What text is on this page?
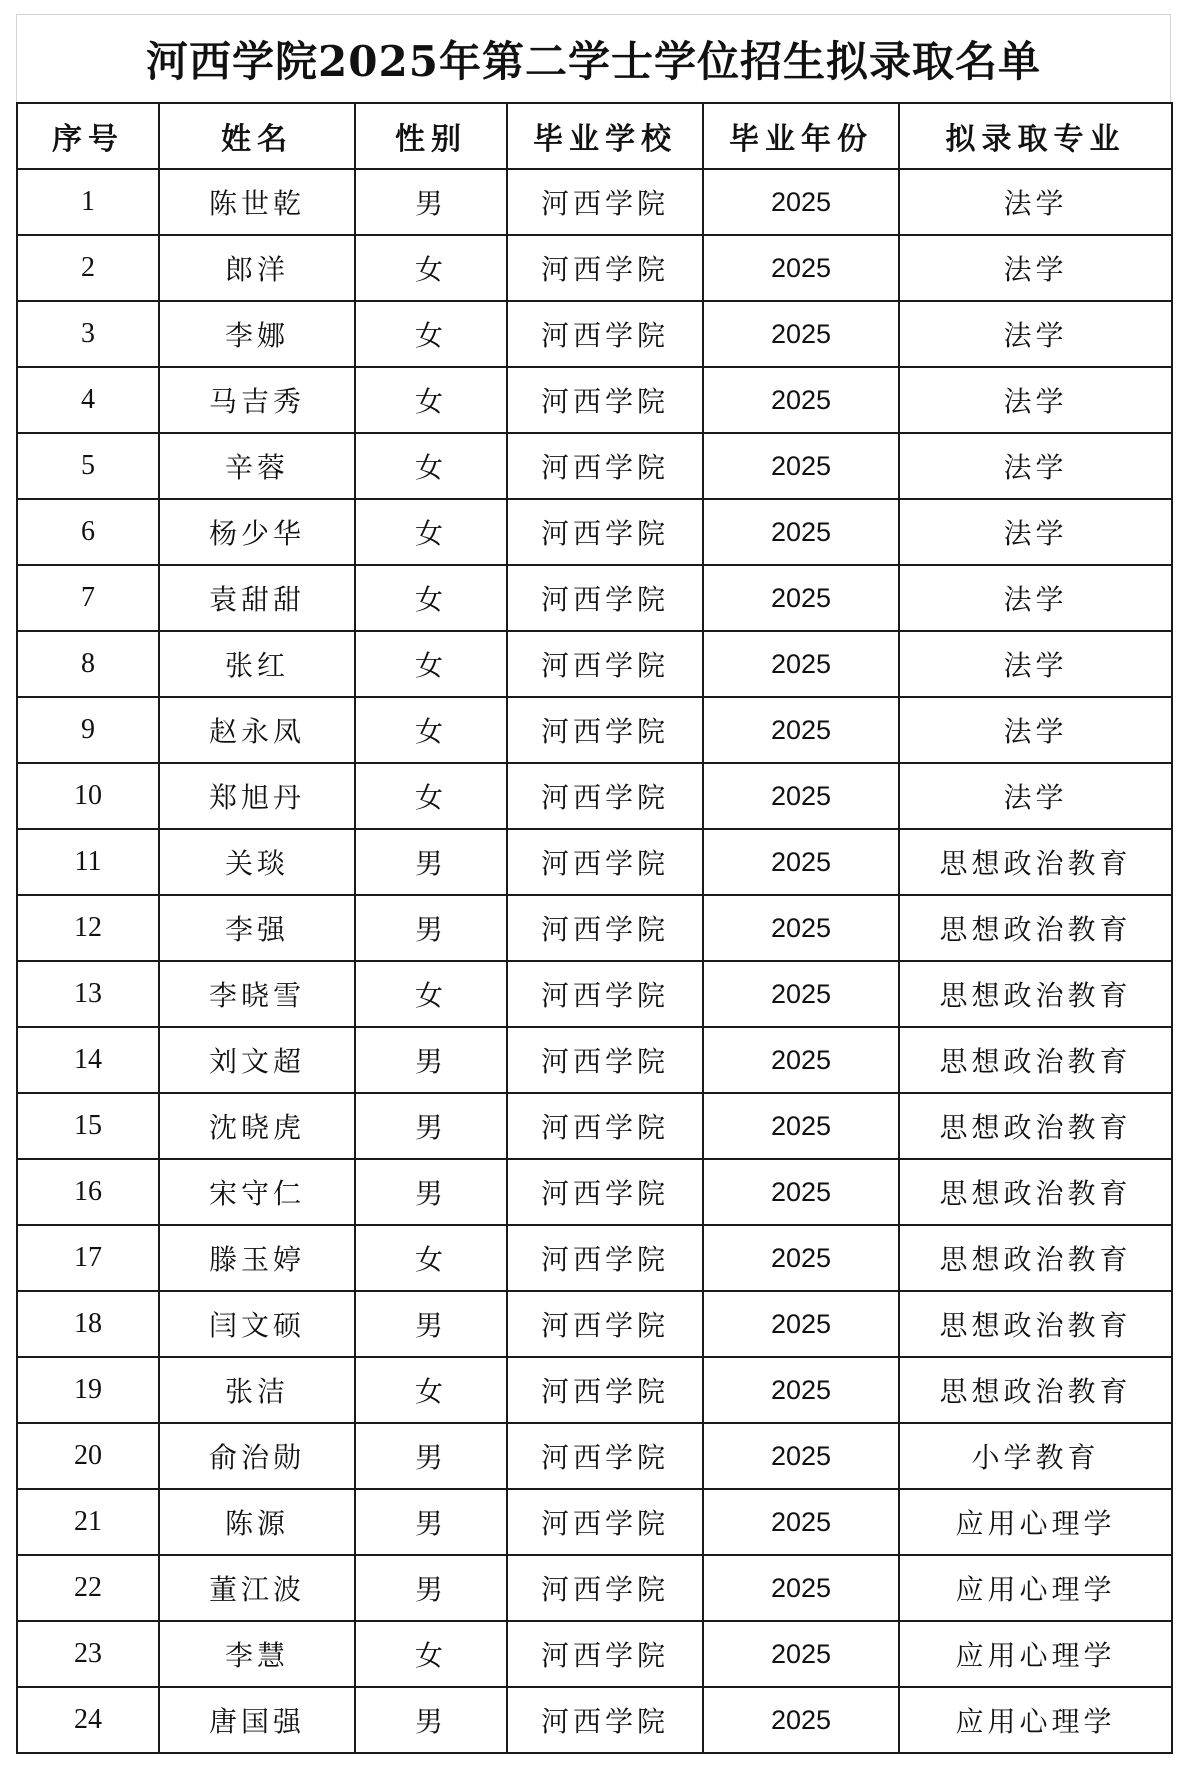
河西学院2025年第二学士学位招生拟录取名单
序号	姓名	性别	毕业学校	毕业年份	拟录取专业
1	陈世乾	男	河西学院	2025	法学
2	郎洋	女	河西学院	2025	法学
3	李娜	女	河西学院	2025	法学
4	马吉秀	女	河西学院	2025	法学
5	辛蓉	女	河西学院	2025	法学
6	杨少华	女	河西学院	2025	法学
7	袁甜甜	女	河西学院	2025	法学
8	张红	女	河西学院	2025	法学
9	赵永凤	女	河西学院	2025	法学
10	郑旭丹	女	河西学院	2025	法学
11	关琰	男	河西学院	2025	思想政治教育
12	李强	男	河西学院	2025	思想政治教育
13	李晓雪	女	河西学院	2025	思想政治教育
14	刘文超	男	河西学院	2025	思想政治教育
15	沈晓虎	男	河西学院	2025	思想政治教育
16	宋守仁	男	河西学院	2025	思想政治教育
17	滕玉婷	女	河西学院	2025	思想政治教育
18	闫文硕	男	河西学院	2025	思想政治教育
19	张洁	女	河西学院	2025	思想政治教育
20	俞治勋	男	河西学院	2025	小学教育
21	陈源	男	河西学院	2025	应用心理学
22	董江波	男	河西学院	2025	应用心理学
23	李慧	女	河西学院	2025	应用心理学
24	唐国强	男	河西学院	2025	应用心理学
